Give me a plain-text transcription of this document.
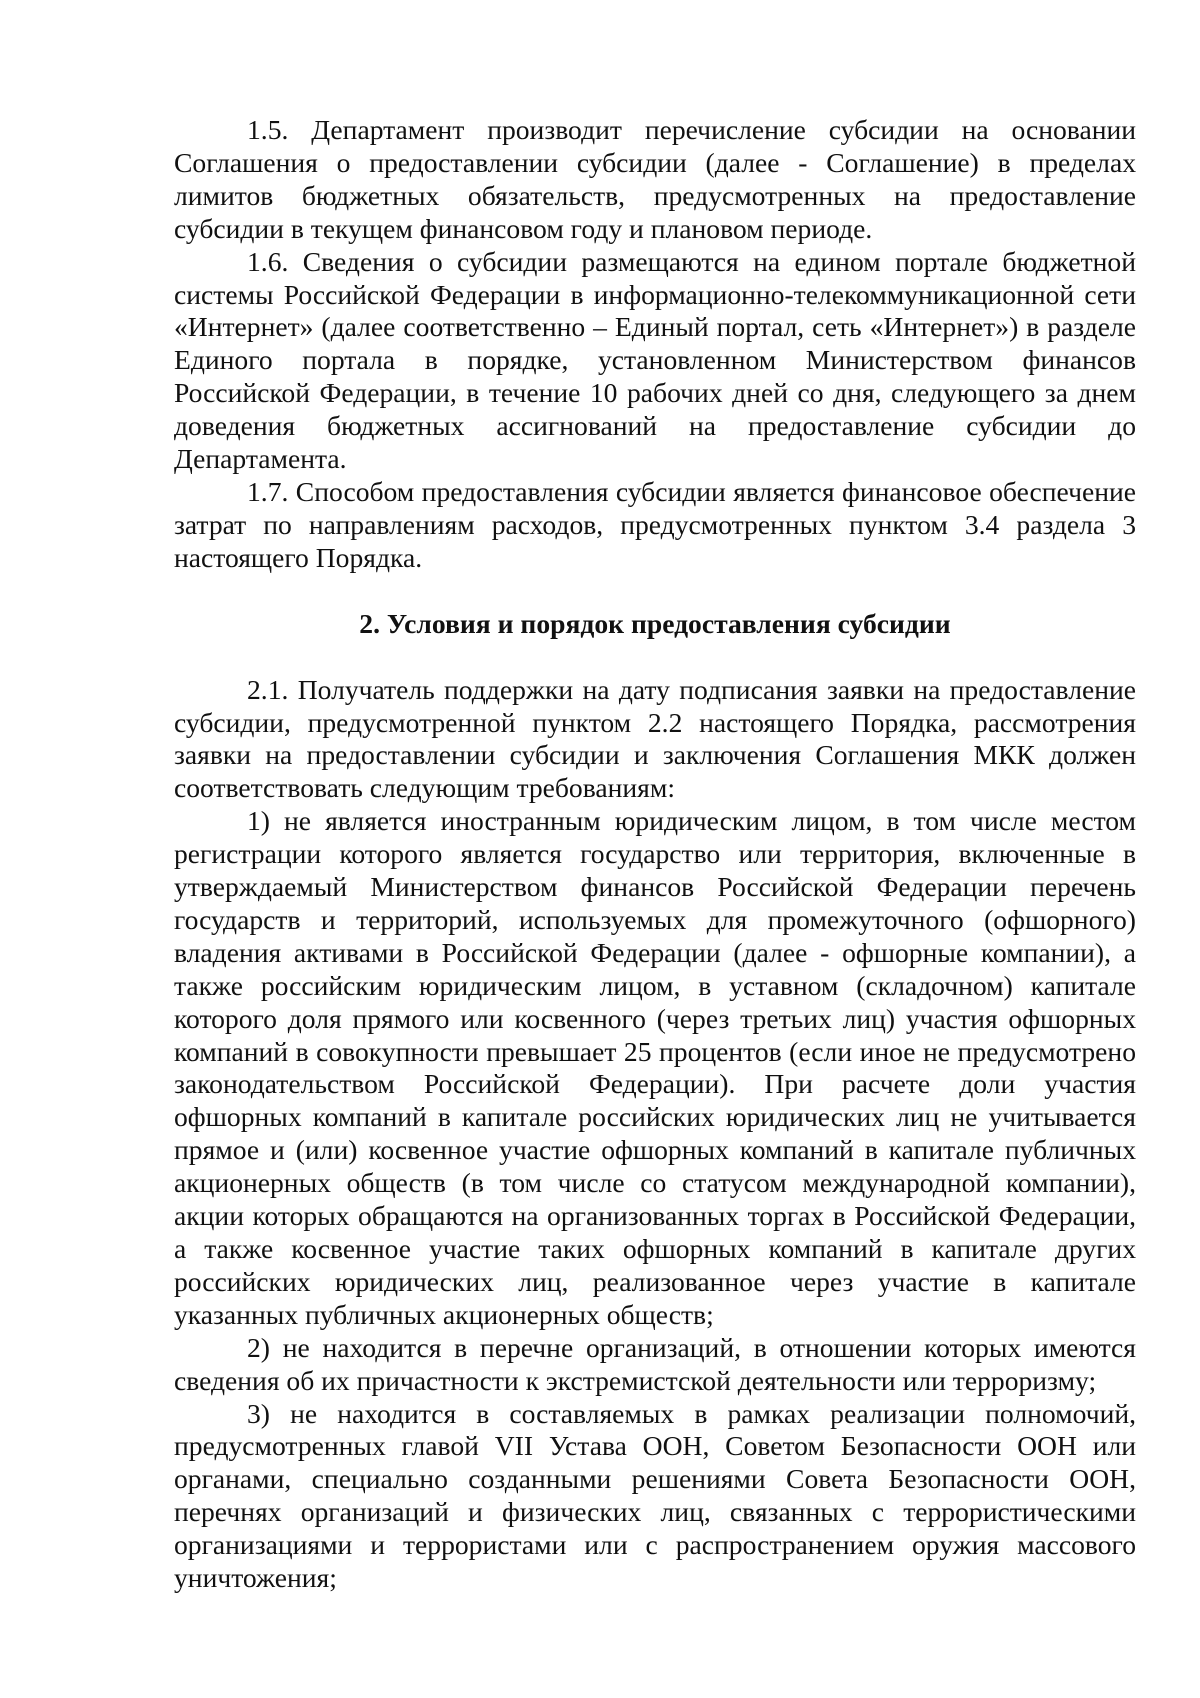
1.5. Департамент производит перечисление субсидии на основании Соглашения о предоставлении субсидии (далее - Соглашение) в пределах лимитов бюджетных обязательств, предусмотренных на предоставление субсидии в текущем финансовом году и плановом периоде.

1.6. Сведения о субсидии размещаются на едином портале бюджетной системы Российской Федерации в информационно-телекоммуникационной сети «Интернет» (далее соответственно – Единый портал, сеть «Интернет») в разделе Единого портала в порядке, установленном Министерством финансов Российской Федерации, в течение 10 рабочих дней со дня, следующего за днем доведения бюджетных ассигнований на предоставление субсидии до Департамента.

1.7. Способом предоставления субсидии является финансовое обеспечение затрат по направлениям расходов, предусмотренных пунктом 3.4 раздела 3 настоящего Порядка.

2. Условия и порядок предоставления субсидии

2.1. Получатель поддержки на дату подписания заявки на предоставление субсидии, предусмотренной пунктом 2.2 настоящего Порядка, рассмотрения заявки на предоставлении субсидии и заключения Соглашения МКК должен соответствовать следующим требованиям:

1) не является иностранным юридическим лицом, в том числе местом регистрации которого является государство или территория, включенные в утверждаемый Министерством финансов Российской Федерации перечень государств и территорий, используемых для промежуточного (офшорного) владения активами в Российской Федерации (далее - офшорные компании), а также российским юридическим лицом, в уставном (складочном) капитале которого доля прямого или косвенного (через третьих лиц) участия офшорных компаний в совокупности превышает 25 процентов (если иное не предусмотрено законодательством Российской Федерации). При расчете доли участия офшорных компаний в капитале российских юридических лиц не учитывается прямое и (или) косвенное участие офшорных компаний в капитале публичных акционерных обществ (в том числе со статусом международной компании), акции которых обращаются на организованных торгах в Российской Федерации, а также косвенное участие таких офшорных компаний в капитале других российских юридических лиц, реализованное через участие в капитале указанных публичных акционерных обществ;

2) не находится в перечне организаций, в отношении которых имеются сведения об их причастности к экстремистской деятельности или терроризму;

3) не находится в составляемых в рамках реализации полномочий, предусмотренных главой VII Устава ООН, Советом Безопасности ООН или органами, специально созданными решениями Совета Безопасности ООН, перечнях организаций и физических лиц, связанных с террористическими организациями и террористами или с распространением оружия массового уничтожения;
